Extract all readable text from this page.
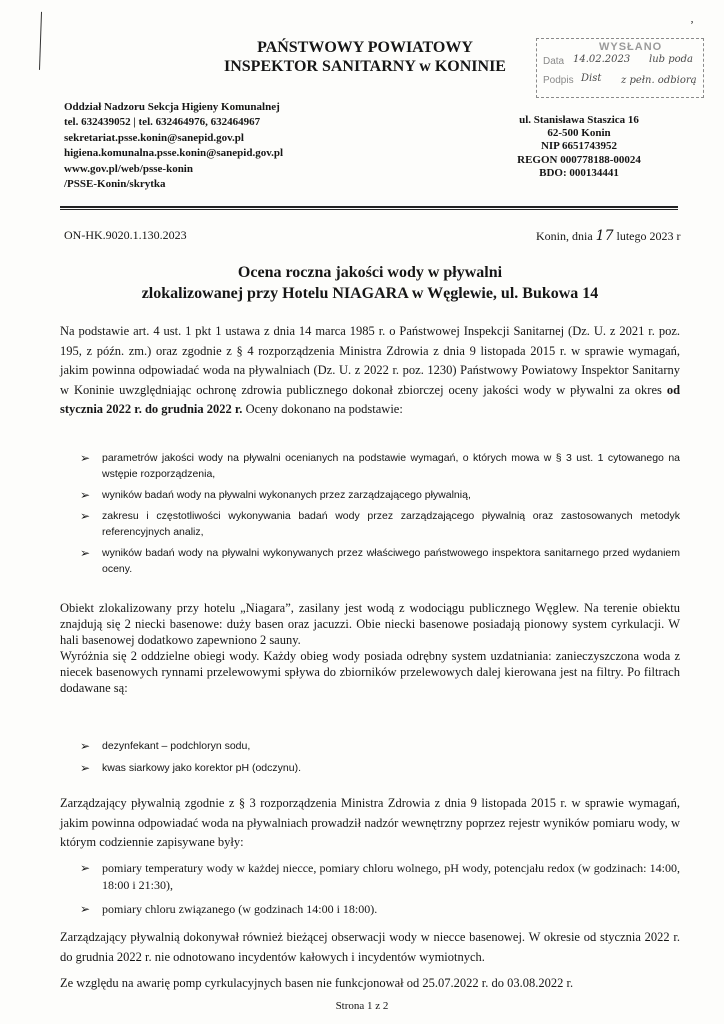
ʼ
PAŃSTWOWY POWIATOWY
INSPEKTOR SANITARNY w KONINIE
WYSŁANO
Data 14.02.2023 lub poda
Podpis Dist z pełn. odbiorą
Oddział Nadzoru Sekcja Higieny Komunalnej
tel. 632439052 | tel. 632464976, 632464967
sekretariat.psse.konin@sanepid.gov.pl
higiena.komunalna.psse.konin@sanepid.gov.pl
www.gov.pl/web/psse-konin
/PSSE-Konin/skrytka
ul. Stanisława Staszica 16
62-500 Konin
NIP 6651743952
REGON 000778188-00024
BDO: 000134441
ON-HK.9020.1.130.2023	Konin, dnia 17 lutego 2023 r
Ocena roczna jakości wody w pływalni
zlokalizowanej przy Hotelu NIAGARA w Węglewie, ul. Bukowa 14

Na podstawie art. 4 ust. 1 pkt 1 ustawa z dnia 14 marca 1985 r. o Państwowej Inspekcji Sanitarnej (Dz. U. z 2021 r. poz. 195, z późn. zm.) oraz zgodnie z § 4 rozporządzenia Ministra Zdrowia z dnia 9 listopada 2015 r. w sprawie wymagań, jakim powinna odpowiadać woda na pływalniach (Dz. U. z 2022 r. poz. 1230) Państwowy Powiatowy Inspektor Sanitarny w Koninie uwzględniając ochronę zdrowia publicznego dokonał zbiorczej oceny jakości wody w pływalni za okres od stycznia 2022 r. do grudnia 2022 r. Oceny dokonano na podstawie:

➢ parametrów jakości wody na pływalni ocenianych na podstawie wymagań, o których mowa w § 3 ust. 1 cytowanego na wstępie rozporządzenia,
➢ wyników badań wody na pływalni wykonanych przez zarządzającego pływalnią,
➢ zakresu i częstotliwości wykonywania badań wody przez zarządzającego pływalnią oraz zastosowanych metodyk referencyjnych analiz,
➢ wyników badań wody na pływalni wykonywanych przez właściwego państwowego inspektora sanitarnego przed wydaniem oceny.

Obiekt zlokalizowany przy hotelu „Niagara”, zasilany jest wodą z wodociągu publicznego Węglew. Na terenie obiektu znajdują się 2 niecki basenowe: duży basen oraz jacuzzi. Obie niecki basenowe posiadają pionowy system cyrkulacji. W hali basenowej dodatkowo zapewniono 2 sauny.

Wyróżnia się 2 oddzielne obiegi wody. Każdy obieg wody posiada odrębny system uzdatniania: zanieczyszczona woda z niecek basenowych rynnami przelewowymi spływa do zbiorników przelewowych dalej kierowana jest na filtry. Po filtrach dodawane są:

➢ dezynfekant – podchloryn sodu,
➢ kwas siarkowy jako korektor pH (odczynu).

Zarządzający pływalnią zgodnie z § 3 rozporządzenia Ministra Zdrowia z dnia 9 listopada 2015 r. w sprawie wymagań, jakim powinna odpowiadać woda na pływalniach prowadził nadzór wewnętrzny poprzez rejestr wyników pomiaru wody, w którym codziennie zapisywane były:

➢ pomiary temperatury wody w każdej niecce, pomiary chloru wolnego, pH wody, potencjału redox (w godzinach: 14:00, 18:00 i 21:30),
➢ pomiary chloru związanego (w godzinach 14:00 i 18:00).

Zarządzający pływalnią dokonywał również bieżącej obserwacji wody w niecce basenowej. W okresie od stycznia 2022 r. do grudnia 2022 r. nie odnotowano incydentów kałowych i incydentów wymiotnych.

Ze względu na awarię pomp cyrkulacyjnych basen nie funkcjonował od 25.07.2022 r. do 03.08.2022 r.

Strona 1 z 2
